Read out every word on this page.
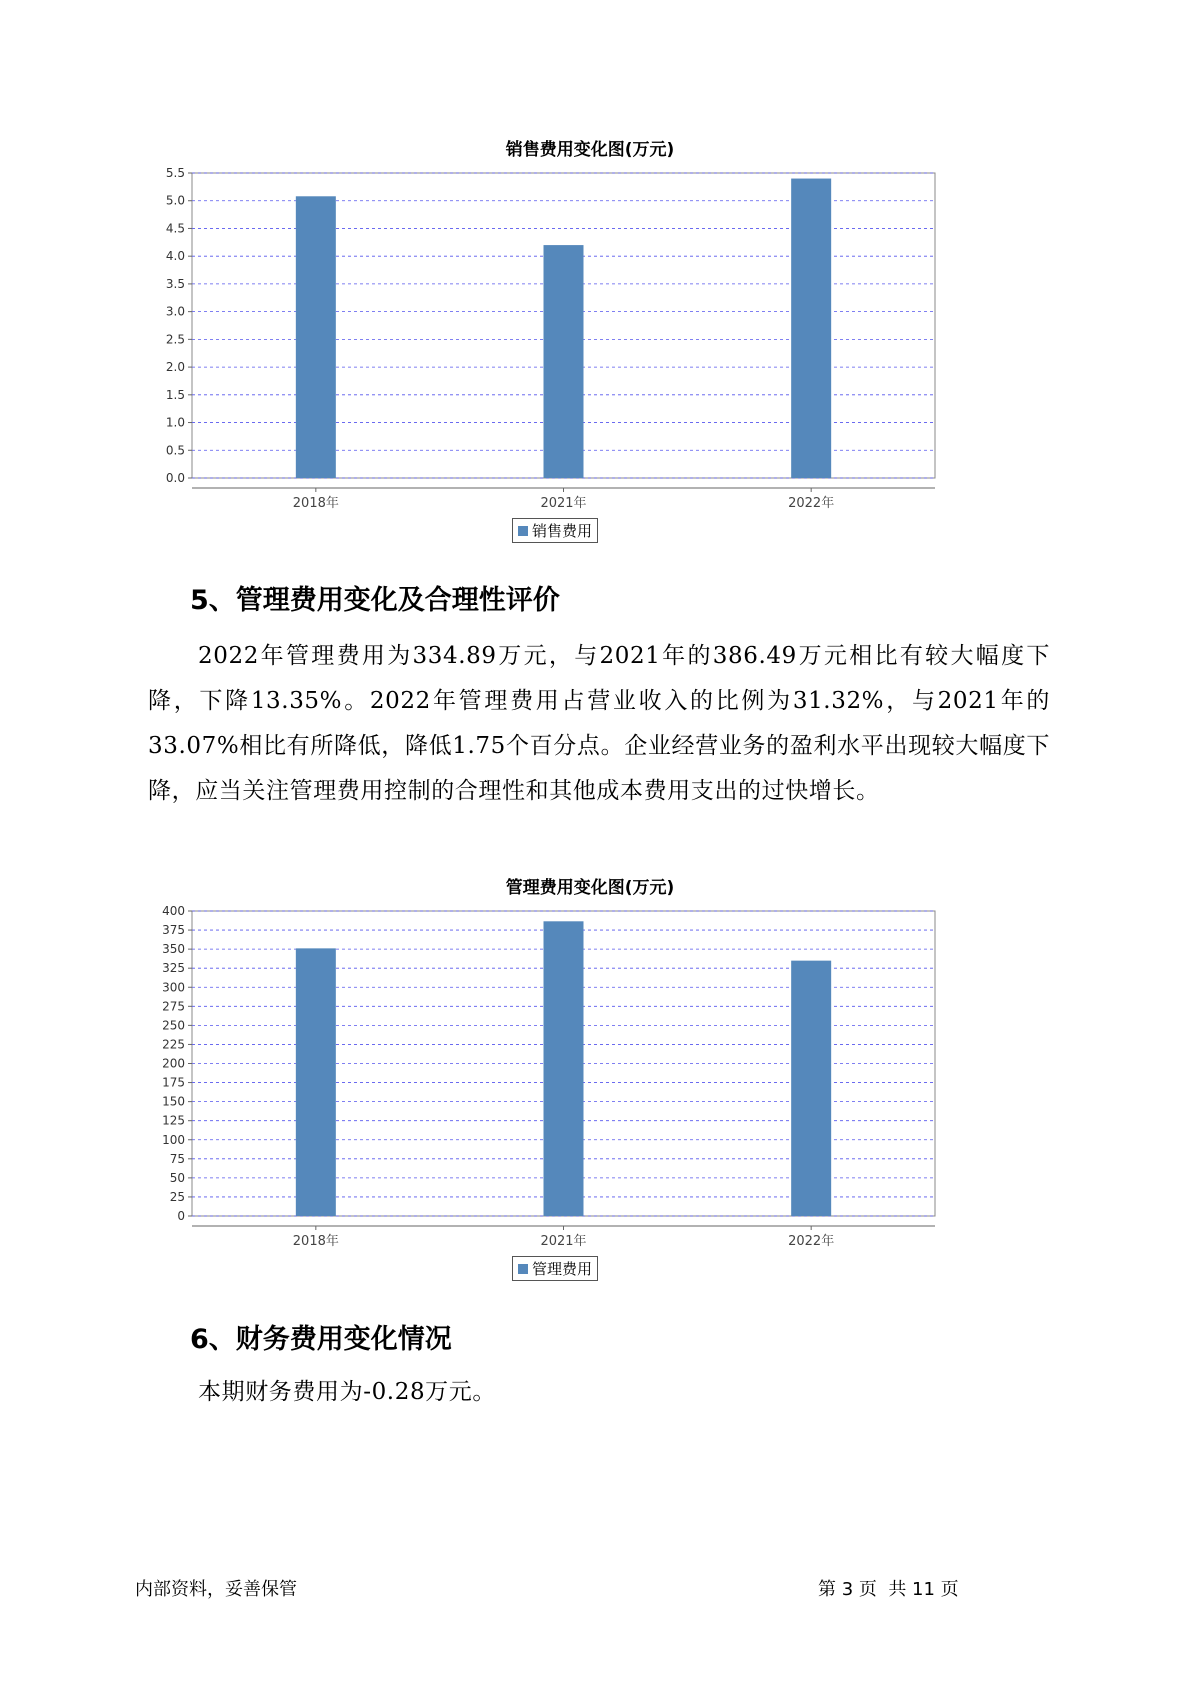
销售费用变化图(万元)
0.0
0.5
1.0
1.5
2.0
2.5
3.0
3.5
4.0
4.5
5.0
5.5
2018年	2021年	2022年
销售费用
5、管理费用变化及合理性评价

2022年管理费用为334.89万元，与2021年的386.49万元相比有较大幅度下降，下降13.35%。2022年管理费用占营业收入的比例为31.32%，与2021年的33.07%相比有所降低，降低1.75个百分点。企业经营业务的盈利水平出现较大幅度下降，应当关注管理费用控制的合理性和其他成本费用支出的过快增长。

管理费用变化图(万元)
0
25
50
75
100
125
150
175
200
225
250
275
300
325
350
375
400
2018年	2021年	2022年
管理费用
6、财务费用变化情况

本期财务费用为-0.28万元。

内部资料，妥善保管	第 3 页  共 11 页
